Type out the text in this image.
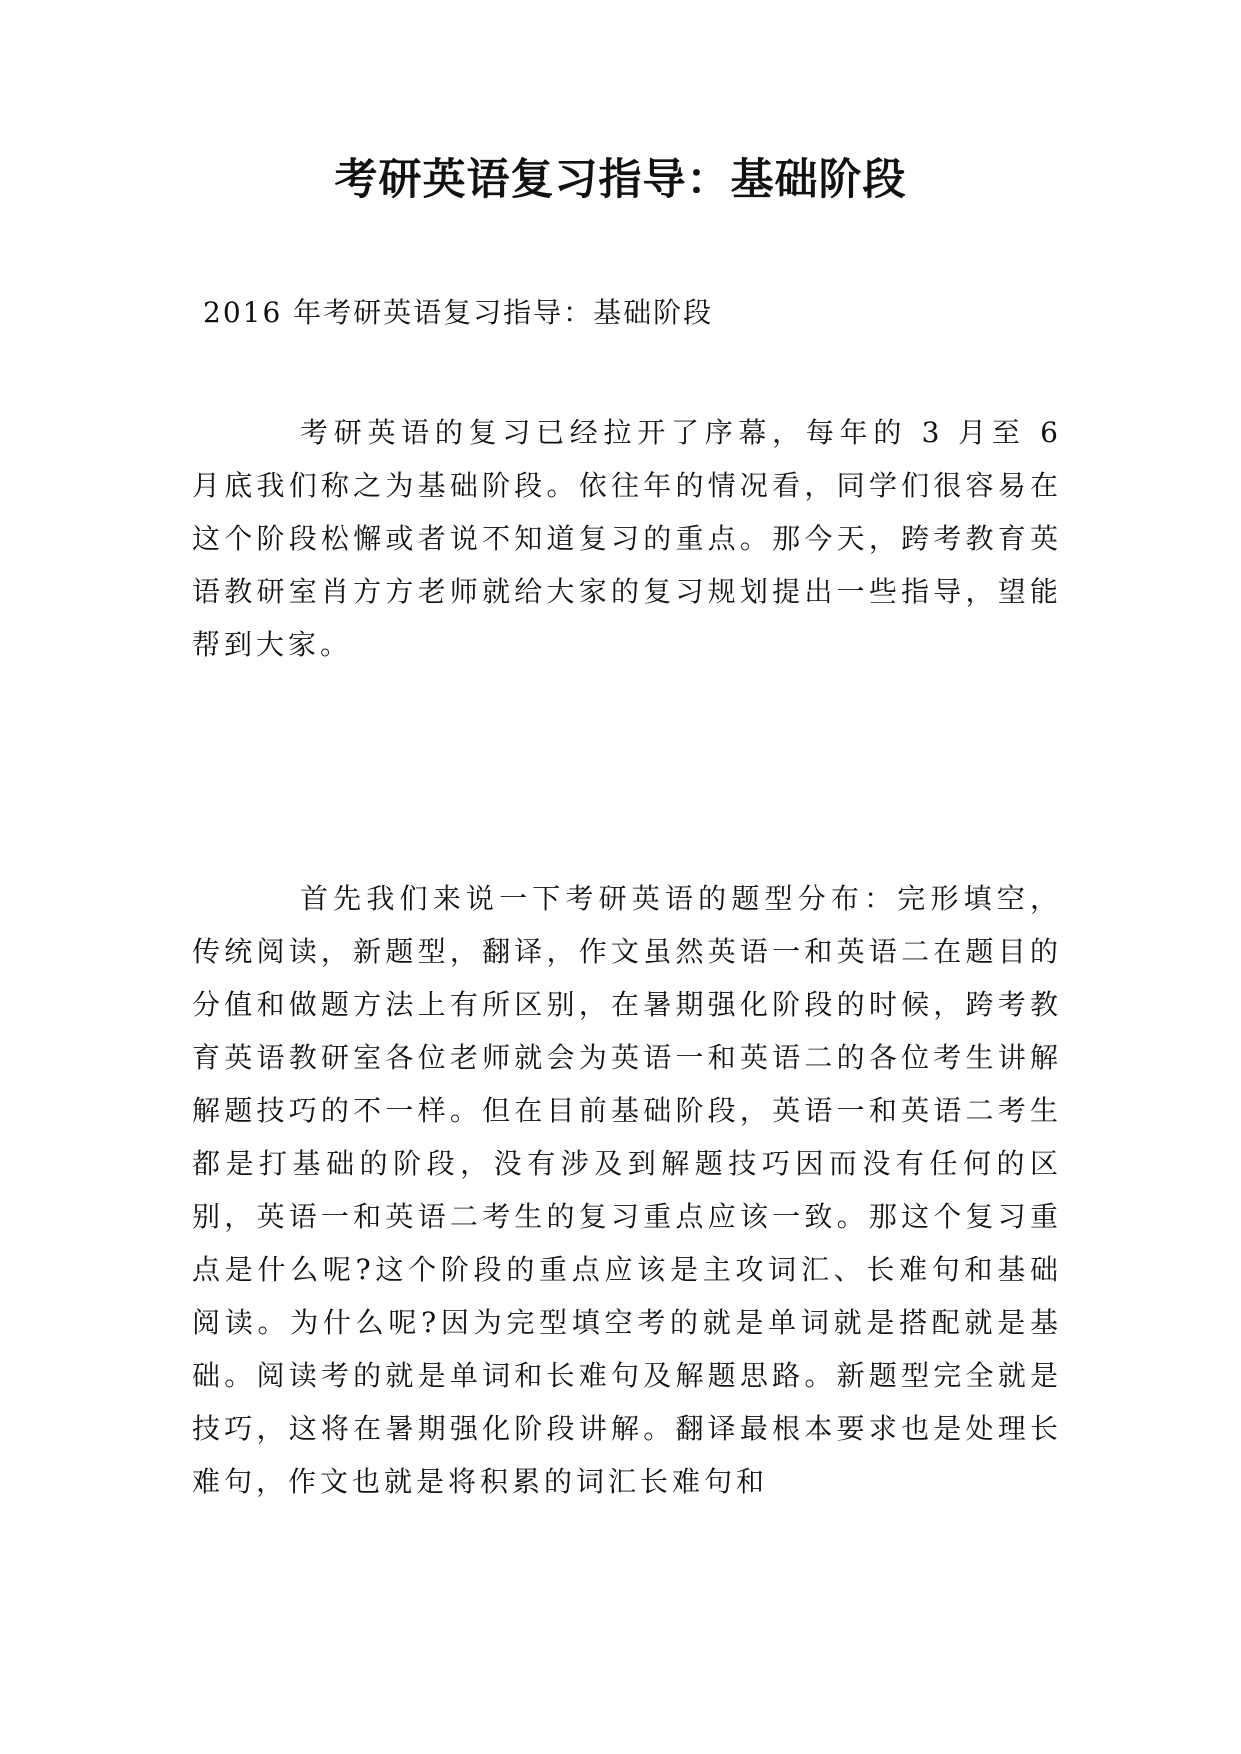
考研英语复习指导：基础阶段

2016 年考研英语复习指导：基础阶段

考研英语的复习已经拉开了序幕，每年的 3 月至 6 月底我们称之为基础阶段。依往年的情况看，同学们很容易在这个阶段松懈或者说不知道复习的重点。那今天，跨考教育英语教研室肖方方老师就给大家的复习规划提出一些指导，望能帮到大家。

首先我们来说一下考研英语的题型分布：完形填空，传统阅读，新题型，翻译，作文虽然英语一和英语二在题目的分值和做题方法上有所区别，在暑期强化阶段的时候，跨考教育英语教研室各位老师就会为英语一和英语二的各位考生讲解解题技巧的不一样。但在目前基础阶段，英语一和英语二考生都是打基础的阶段，没有涉及到解题技巧因而没有任何的区别，英语一和英语二考生的复习重点应该一致。那这个复习重点是什么呢?这个阶段的重点应该是主攻词汇、长难句和基础阅读。为什么呢?因为完型填空考的就是单词就是搭配就是基础。阅读考的就是单词和长难句及解题思路。新题型完全就是技巧，这将在暑期强化阶段讲解。翻译最根本要求也是处理长难句，作文也就是将积累的词汇长难句和
